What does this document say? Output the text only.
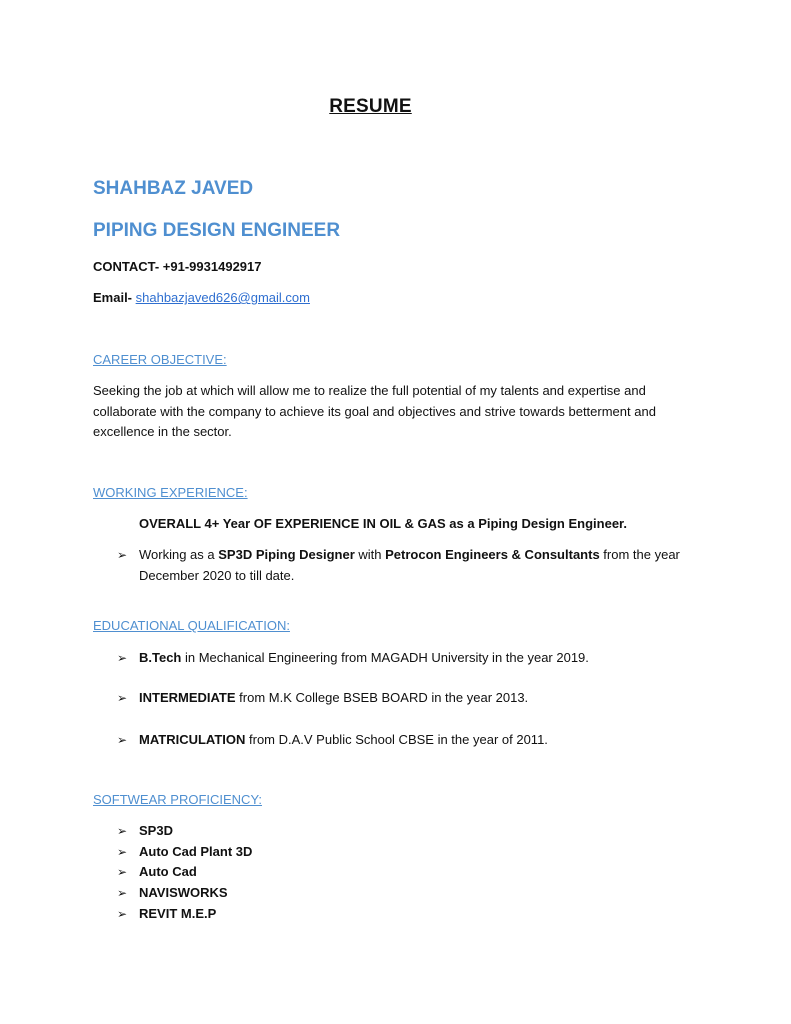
RESUME
SHAHBAZ JAVED
PIPING DESIGN ENGINEER
CONTACT- +91-9931492917
Email- shahbazjaved626@gmail.com
CAREER OBJECTIVE:
Seeking the job at which will allow me to realize the full potential of my talents and expertise and collaborate with the company to achieve its goal and objectives and strive towards betterment and excellence in the sector.
WORKING EXPERIENCE:
OVERALL 4+ Year OF EXPERIENCE IN OIL & GAS as a Piping Design Engineer.
➢ Working as a SP3D Piping Designer with Petrocon Engineers & Consultants from the year December 2020 to till date.
EDUCATIONAL QUALIFICATION:
➢ B.Tech in Mechanical Engineering from MAGADH University in the year 2019.
➢ INTERMEDIATE from M.K College BSEB BOARD in the year 2013.
➢ MATRICULATION from D.A.V Public School CBSE in the year of 2011.
SOFTWEAR PROFICIENCY:
➢ SP3D
➢ Auto Cad Plant 3D
➢ Auto Cad
➢ NAVISWORKS
➢ REVIT M.E.P
